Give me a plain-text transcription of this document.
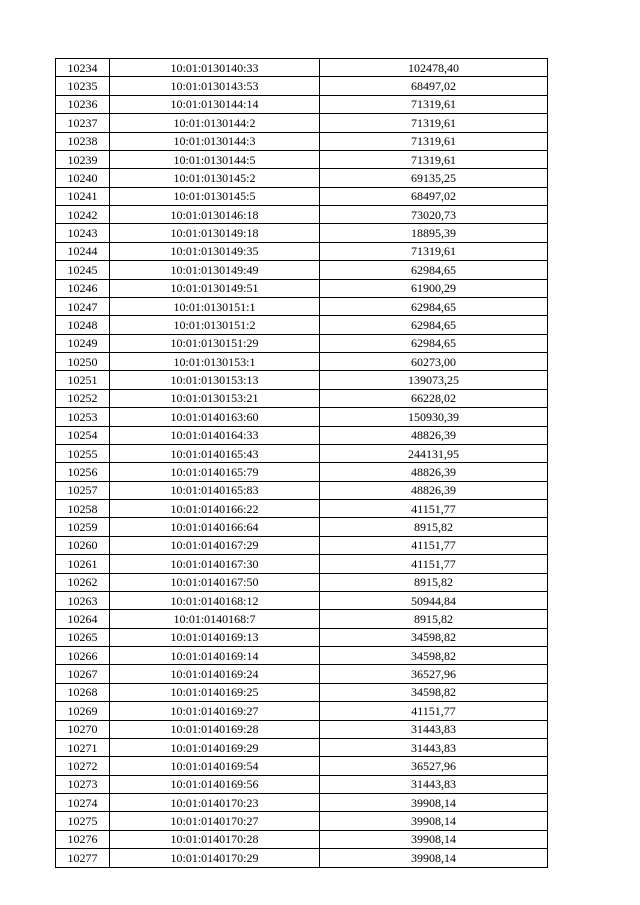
10234	10:01:0130140:33	102478,40
10235	10:01:0130143:53	68497,02
10236	10:01:0130144:14	71319,61
10237	10:01:0130144:2	71319,61
10238	10:01:0130144:3	71319,61
10239	10:01:0130144:5	71319,61
10240	10:01:0130145:2	69135,25
10241	10:01:0130145:5	68497,02
10242	10:01:0130146:18	73020,73
10243	10:01:0130149:18	18895,39
10244	10:01:0130149:35	71319,61
10245	10:01:0130149:49	62984,65
10246	10:01:0130149:51	61900,29
10247	10:01:0130151:1	62984,65
10248	10:01:0130151:2	62984,65
10249	10:01:0130151:29	62984,65
10250	10:01:0130153:1	60273,00
10251	10:01:0130153:13	139073,25
10252	10:01:0130153:21	66228,02
10253	10:01:0140163:60	150930,39
10254	10:01:0140164:33	48826,39
10255	10:01:0140165:43	244131,95
10256	10:01:0140165:79	48826,39
10257	10:01:0140165:83	48826,39
10258	10:01:0140166:22	41151,77
10259	10:01:0140166:64	8915,82
10260	10:01:0140167:29	41151,77
10261	10:01:0140167:30	41151,77
10262	10:01:0140167:50	8915,82
10263	10:01:0140168:12	50944,84
10264	10:01:0140168:7	8915,82
10265	10:01:0140169:13	34598,82
10266	10:01:0140169:14	34598,82
10267	10:01:0140169:24	36527,96
10268	10:01:0140169:25	34598,82
10269	10:01:0140169:27	41151,77
10270	10:01:0140169:28	31443,83
10271	10:01:0140169:29	31443,83
10272	10:01:0140169:54	36527,96
10273	10:01:0140169:56	31443,83
10274	10:01:0140170:23	39908,14
10275	10:01:0140170:27	39908,14
10276	10:01:0140170:28	39908,14
10277	10:01:0140170:29	39908,14
